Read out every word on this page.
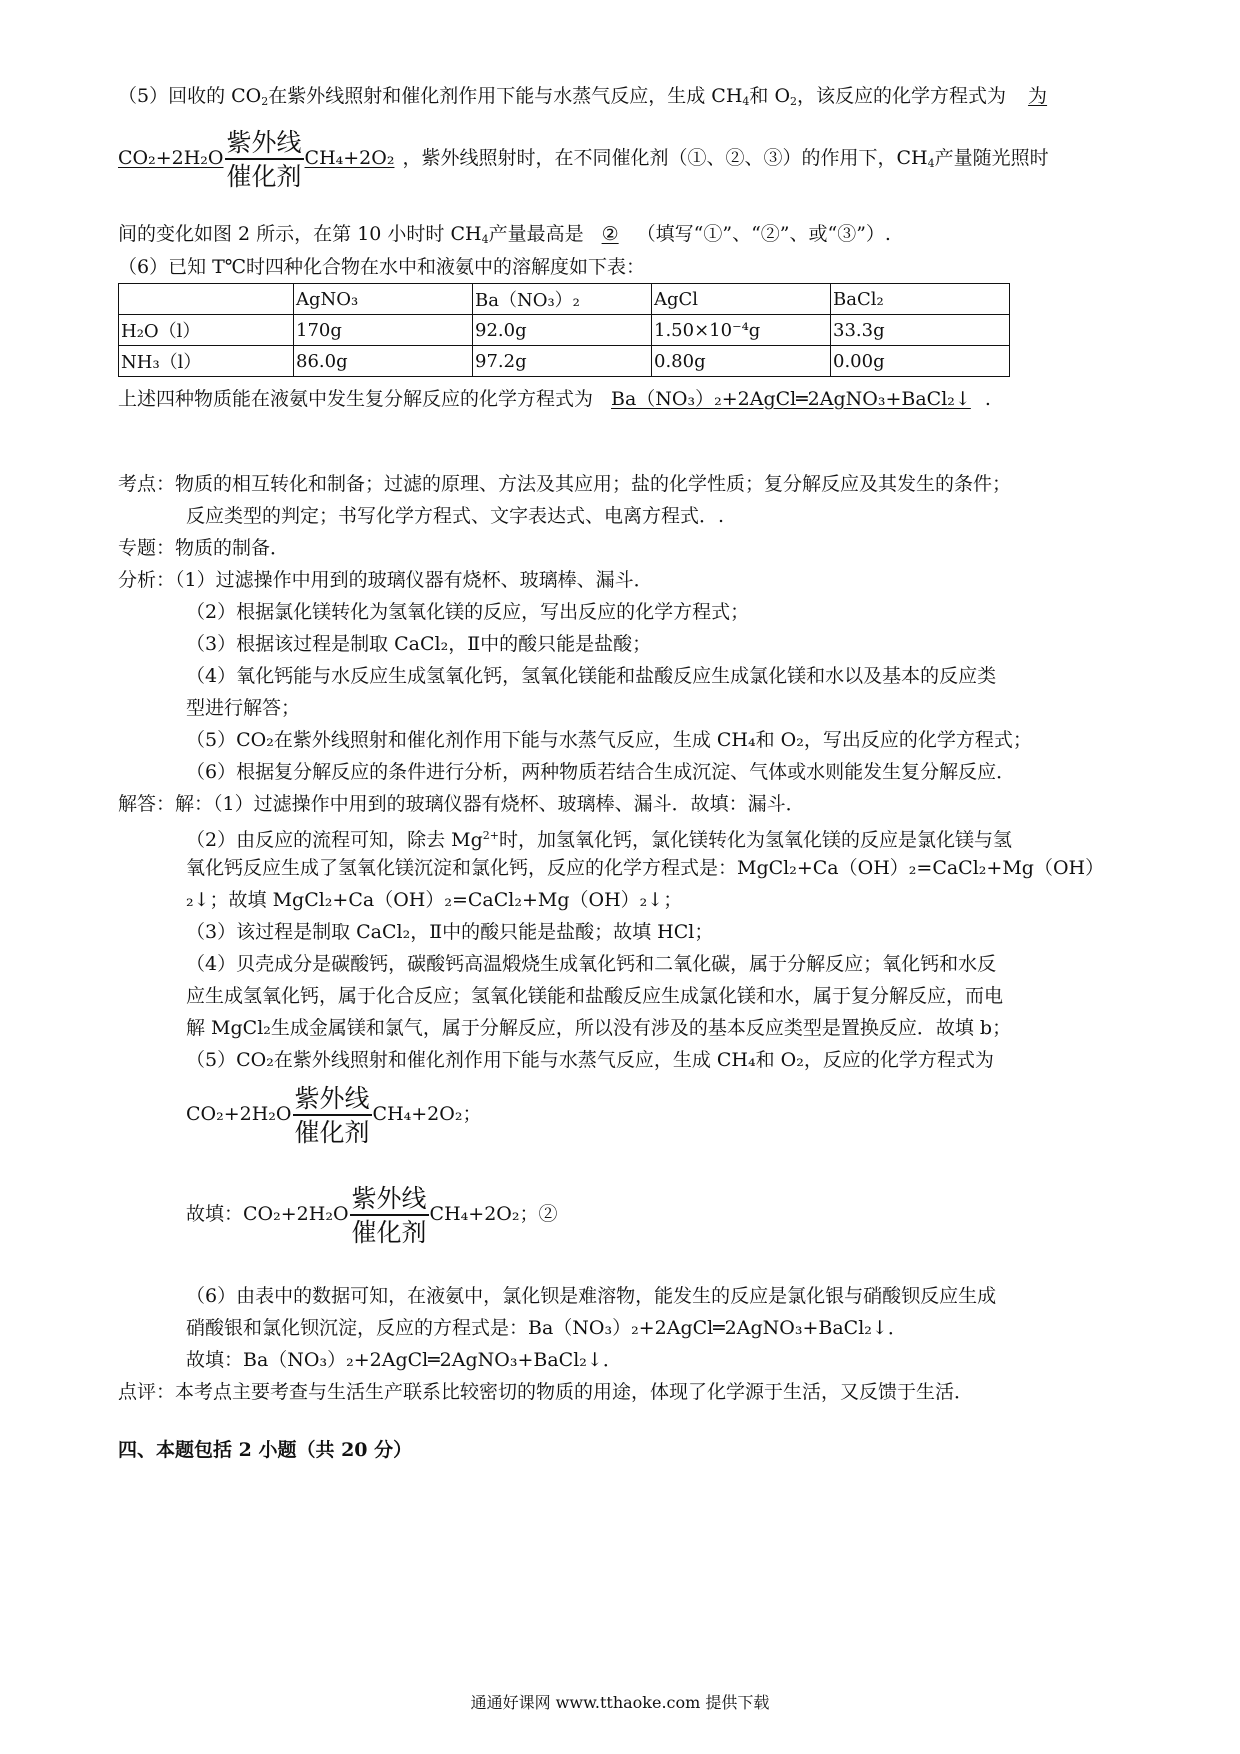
（5）回收的 $CO_2$在紫外线照射和催化剂作用下能与水蒸气反应，生成 $CH_4$和 $O_2$，该反应的化学方程式为 为
$CO_2+2H_2O \frac{\text{紫外线}}{\text{催化剂}} CH_4+2O_2$ ，紫外线照射时，在不同催化剂（①、②、③）的作用下，$CH_4$产量随光照时
间的变化如图 2 所示，在第 10 小时时 $CH_4$产量最高是 ② （填写“①”、“②”、或“③”）.
（6）已知 T℃时四种化合物在水中和液氨中的溶解度如下表：
	AgNO₃	Ba（NO₃）₂	AgCl	BaCl₂
H₂O（l）	170g	92.0g	1.50×10⁻⁴g	33.3g
NH₃（l）	86.0g	97.2g	0.80g	0.00g
上述四种物质能在液氨中发生复分解反应的化学方程式为 Ba（NO₃）₂+2AgCl═2AgNO₃+BaCl₂↓ .
考点：物质的相互转化和制备；过滤的原理、方法及其应用；盐的化学性质；复分解反应及其发生的条件；
反应类型的判定；书写化学方程式、文字表达式、电离方程式．.
专题：物质的制备．
分析：（1）过滤操作中用到的玻璃仪器有烧杯、玻璃棒、漏斗．
（2）根据氯化镁转化为氢氧化镁的反应，写出反应的化学方程式；
（3）根据该过程是制取 CaCl₂，Ⅱ中的酸只能是盐酸；
（4）氧化钙能与水反应生成氢氧化钙，氢氧化镁能和盐酸反应生成氯化镁和水以及基本的反应类
型进行解答；
（5）CO₂在紫外线照射和催化剂作用下能与水蒸气反应，生成 CH₄和 O₂，写出反应的化学方程式；
（6）根据复分解反应的条件进行分析，两种物质若结合生成沉淀、气体或水则能发生复分解反应．
解答：解：（1）过滤操作中用到的玻璃仪器有烧杯、玻璃棒、漏斗．故填：漏斗．
（2）由反应的流程可知，除去 $Mg^{2+}$时，加氢氧化钙，氯化镁转化为氢氧化镁的反应是氯化镁与氢
氧化钙反应生成了氢氧化镁沉淀和氯化钙，反应的化学方程式是：MgCl₂+Ca（OH）₂=CaCl₂+Mg（OH）
₂↓；故填 MgCl₂+Ca（OH）₂=CaCl₂+Mg（OH）₂↓；
（3）该过程是制取 CaCl₂，Ⅱ中的酸只能是盐酸；故填 HCl；
（4）贝壳成分是碳酸钙，碳酸钙高温煅烧生成氧化钙和二氧化碳，属于分解反应；氧化钙和水反
应生成氢氧化钙，属于化合反应；氢氧化镁能和盐酸反应生成氯化镁和水，属于复分解反应，而电
解 MgCl₂生成金属镁和氯气，属于分解反应，所以没有涉及的基本反应类型是置换反应．故填 b；
（5）CO₂在紫外线照射和催化剂作用下能与水蒸气反应，生成 CH₄和 O₂，反应的化学方程式为
$CO_2+2H_2O \frac{\text{紫外线}}{\text{催化剂}} CH_4+2O_2$；
故填：$CO_2+2H_2O \frac{\text{紫外线}}{\text{催化剂}} CH_4+2O_2$；②
（6）由表中的数据可知，在液氨中，氯化钡是难溶物，能发生的反应是氯化银与硝酸钡反应生成
硝酸银和氯化钡沉淀，反应的方程式是：Ba（NO₃）₂+2AgCl═2AgNO₃+BaCl₂↓．
故填：Ba（NO₃）₂+2AgCl═2AgNO₃+BaCl₂↓．
点评：本考点主要考查与生活生产联系比较密切的物质的用途，体现了化学源于生活，又反馈于生活．
四、本题包括 2 小题（共 20 分）
通通好课网 www.tthaoke.com 提供下载
